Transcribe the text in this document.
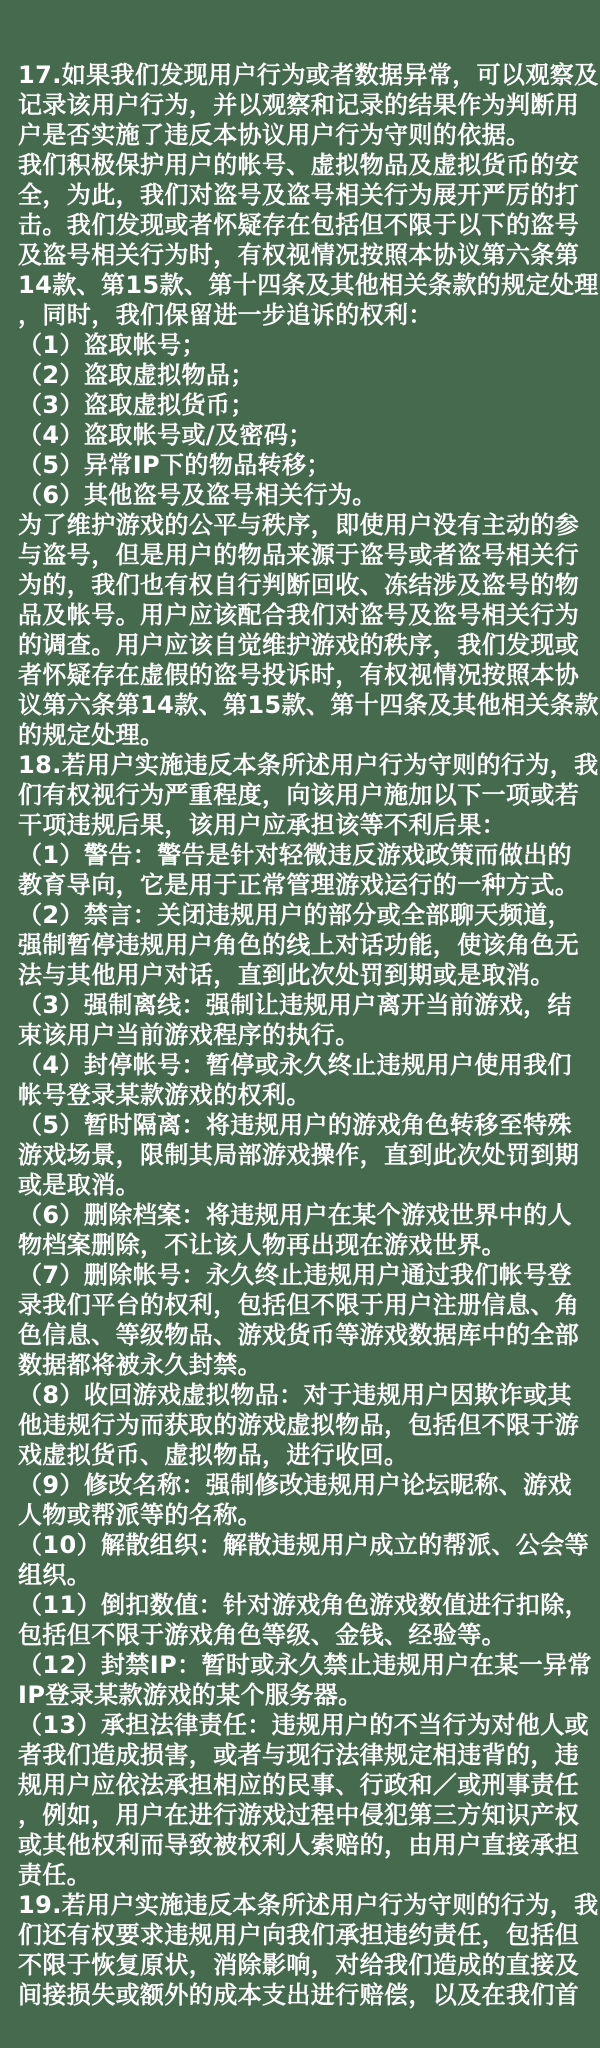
17.如果我们发现用户行为或者数据异常，可以观察及
记录该用户行为，并以观察和记录的结果作为判断用
户是否实施了违反本协议用户行为守则的依据。
我们积极保护用户的帐号、虚拟物品及虚拟货币的安
全，为此，我们对盗号及盗号相关行为展开严厉的打
击。我们发现或者怀疑存在包括但不限于以下的盗号
及盗号相关行为时，有权视情况按照本协议第六条第
14款、第15款、第十四条及其他相关条款的规定处理
，同时，我们保留进一步追诉的权利：
（1）盗取帐号；
（2）盗取虚拟物品；
（3）盗取虚拟货币；
（4）盗取帐号或/及密码；
（5）异常IP下的物品转移；
（6）其他盗号及盗号相关行为。
为了维护游戏的公平与秩序，即使用户没有主动的参
与盗号，但是用户的物品来源于盗号或者盗号相关行
为的，我们也有权自行判断回收、冻结涉及盗号的物
品及帐号。用户应该配合我们对盗号及盗号相关行为
的调查。用户应该自觉维护游戏的秩序，我们发现或
者怀疑存在虚假的盗号投诉时，有权视情况按照本协
议第六条第14款、第15款、第十四条及其他相关条款
的规定处理。
18.若用户实施违反本条所述用户行为守则的行为，我
们有权视行为严重程度，向该用户施加以下一项或若
干项违规后果，该用户应承担该等不利后果：
（1）警告：警告是针对轻微违反游戏政策而做出的
教育导向，它是用于正常管理游戏运行的一种方式。
（2）禁言：关闭违规用户的部分或全部聊天频道，
强制暂停违规用户角色的线上对话功能，使该角色无
法与其他用户对话，直到此次处罚到期或是取消。
（3）强制离线：强制让违规用户离开当前游戏，结
束该用户当前游戏程序的执行。
（4）封停帐号：暂停或永久终止违规用户使用我们
帐号登录某款游戏的权利。
（5）暂时隔离：将违规用户的游戏角色转移至特殊
游戏场景，限制其局部游戏操作，直到此次处罚到期
或是取消。
（6）删除档案：将违规用户在某个游戏世界中的人
物档案删除，不让该人物再出现在游戏世界。
（7）删除帐号：永久终止违规用户通过我们帐号登
录我们平台的权利，包括但不限于用户注册信息、角
色信息、等级物品、游戏货币等游戏数据库中的全部
数据都将被永久封禁。
（8）收回游戏虚拟物品：对于违规用户因欺诈或其
他违规行为而获取的游戏虚拟物品，包括但不限于游
戏虚拟货币、虚拟物品，进行收回。
（9）修改名称：强制修改违规用户论坛昵称、游戏
人物或帮派等的名称。
（10）解散组织：解散违规用户成立的帮派、公会等
组织。
（11）倒扣数值：针对游戏角色游戏数值进行扣除，
包括但不限于游戏角色等级、金钱、经验等。
（12）封禁IP：暂时或永久禁止违规用户在某一异常
IP登录某款游戏的某个服务器。
（13）承担法律责任：违规用户的不当行为对他人或
者我们造成损害，或者与现行法律规定相违背的，违
规用户应依法承担相应的民事、行政和／或刑事责任
，例如，用户在进行游戏过程中侵犯第三方知识产权
或其他权利而导致被权利人索赔的，由用户直接承担
责任。
19.若用户实施违反本条所述用户行为守则的行为，我
们还有权要求违规用户向我们承担违约责任，包括但
不限于恢复原状，消除影响，对给我们造成的直接及
间接损失或额外的成本支出进行赔偿，以及在我们首
